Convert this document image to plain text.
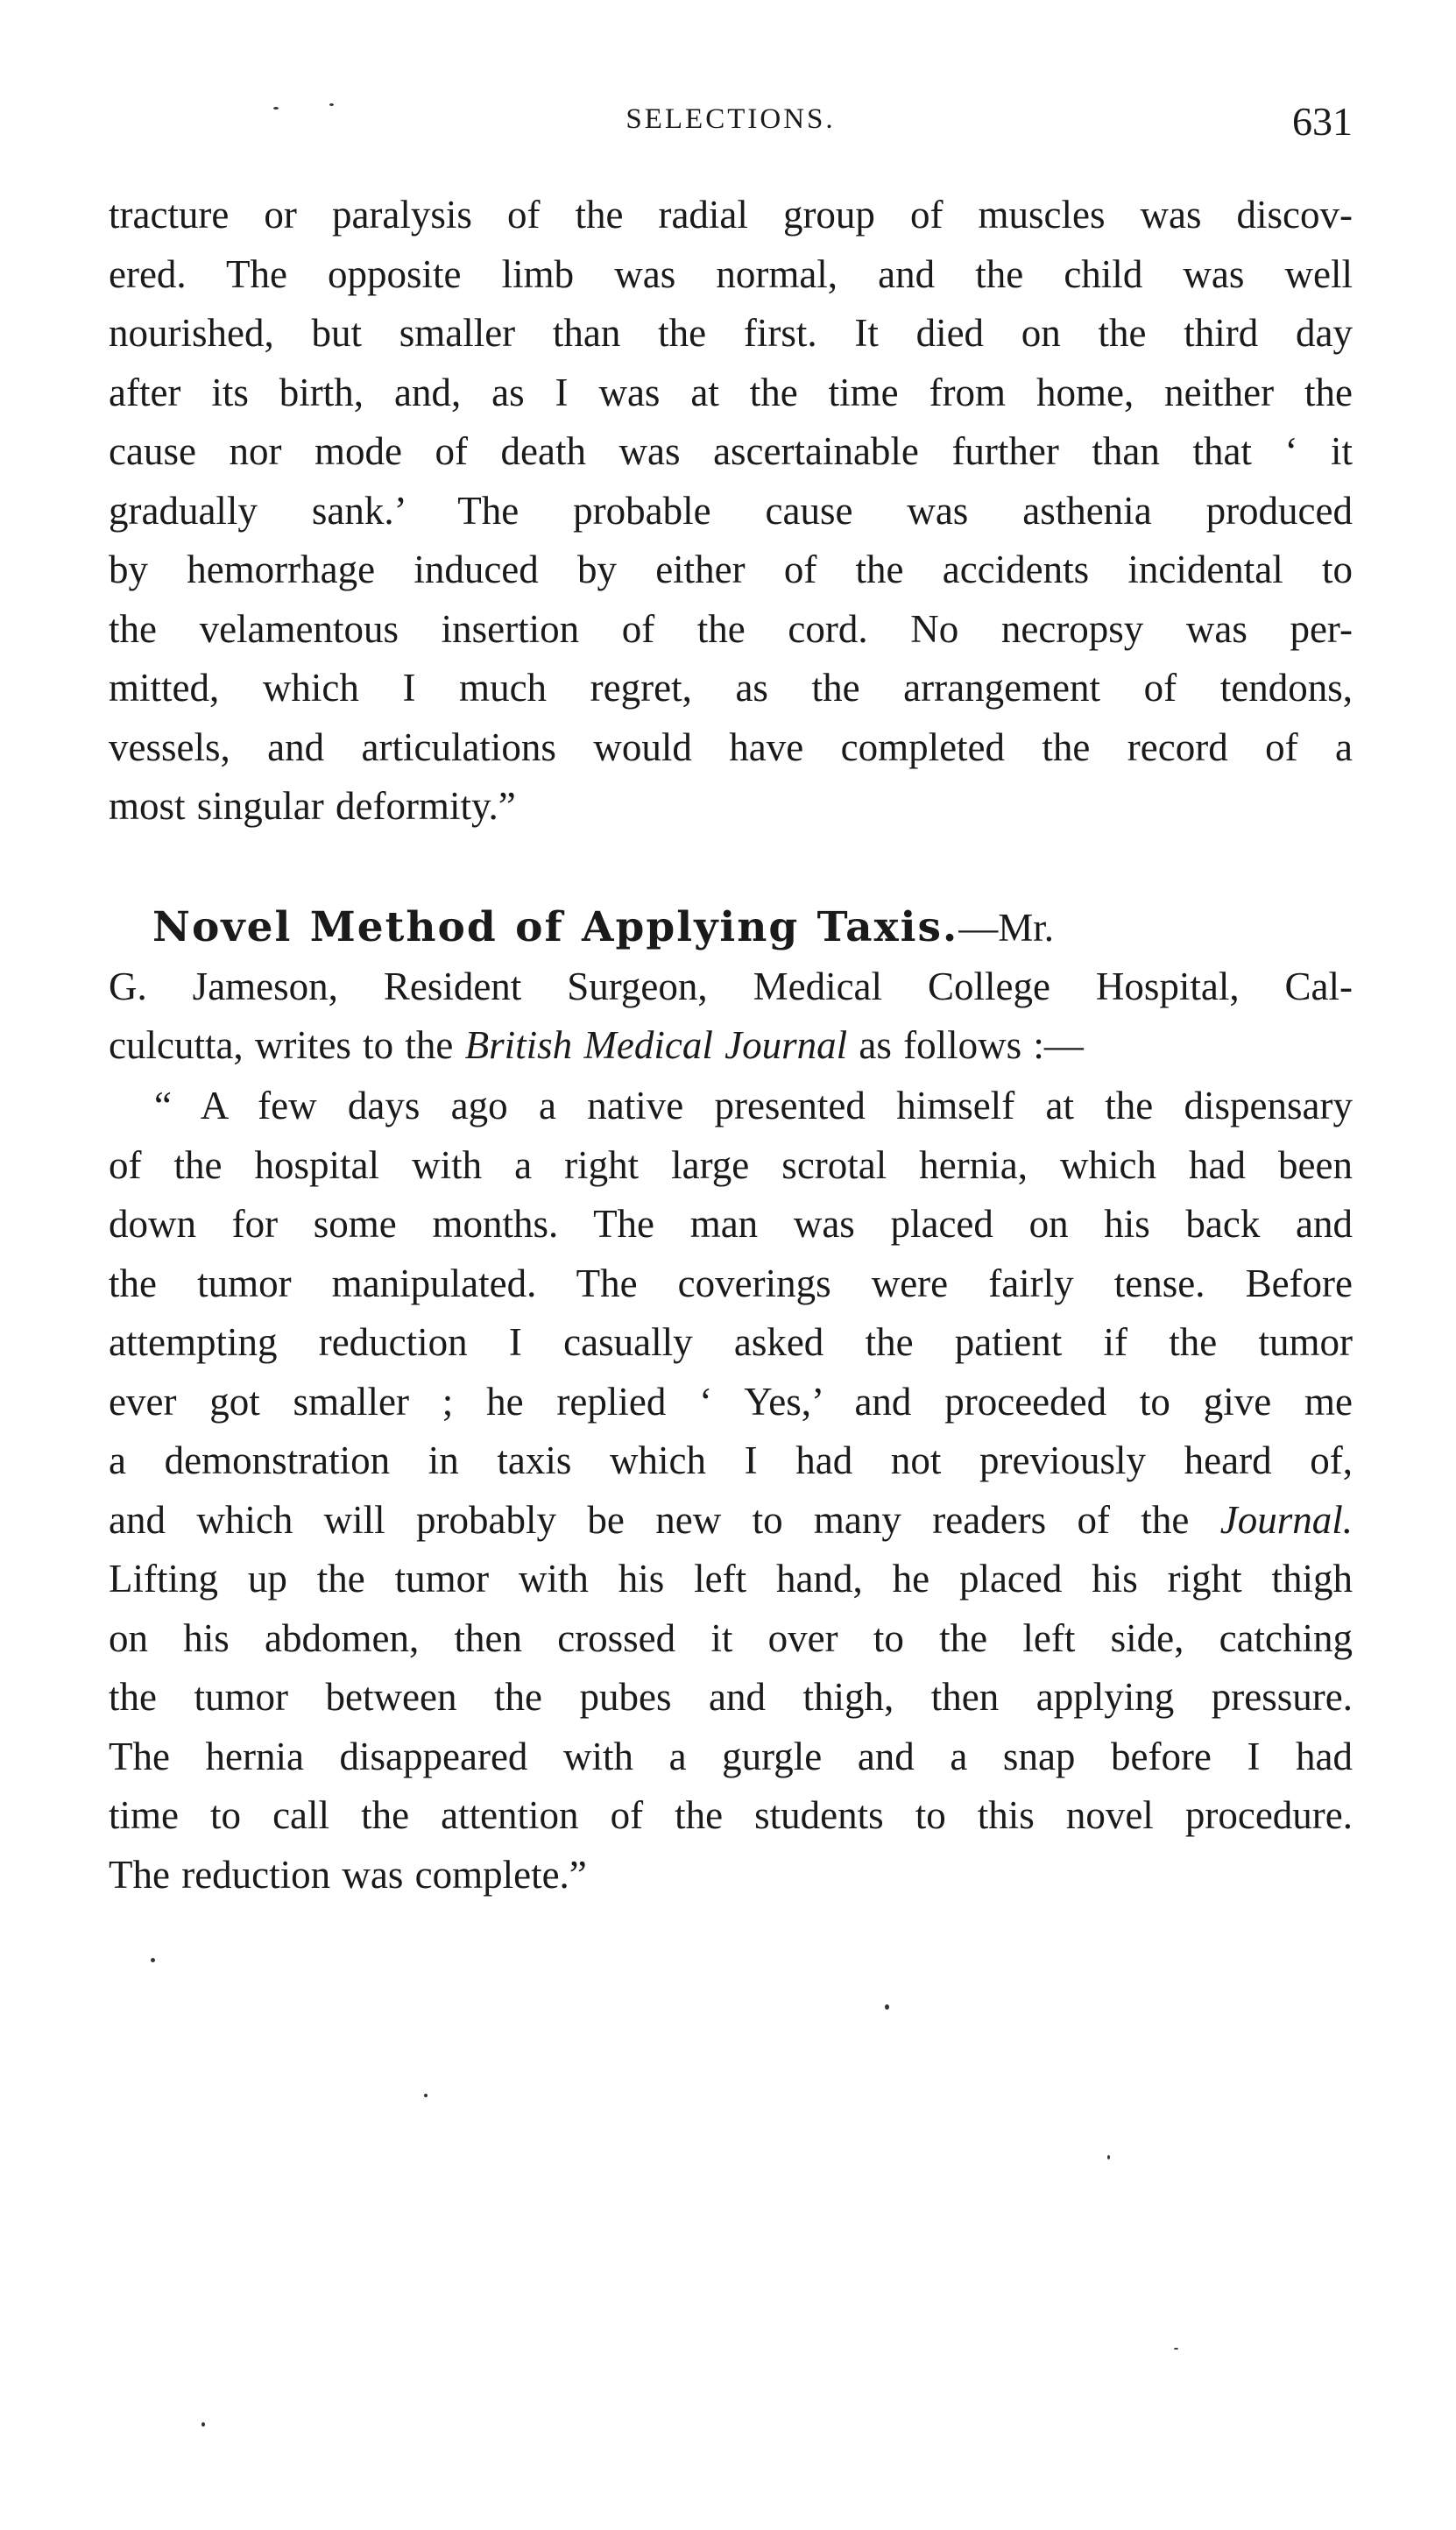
SELECTIONS.	631
tracture or paralysis of the radial group of muscles was discov-
ered. The opposite limb was normal, and the child was well
nourished, but smaller than the first. It died on the third day
after its birth, and, as I was at the time from home, neither the
cause nor mode of death was ascertainable further than that ‘ it
gradually sank.’ The probable cause was asthenia produced
by hemorrhage induced by either of the accidents incidental to
the velamentous insertion of the cord. No necropsy was per-
mitted, which I much regret, as the arrangement of tendons,
vessels, and articulations would have completed the record of a
most singular deformity.”
Novel Method of Applying Taxis.—Mr.
G. Jameson, Resident Surgeon, Medical College Hospital, Cal-
culcutta, writes to the British Medical Journal as follows :—
“ A few days ago a native presented himself at the dispensary
of the hospital with a right large scrotal hernia, which had been
down for some months. The man was placed on his back and
the tumor manipulated. The coverings were fairly tense. Before
attempting reduction I casually asked the patient if the tumor
ever got smaller ; he replied ‘ Yes,’ and proceeded to give me
a demonstration in taxis which I had not previously heard of,
and which will probably be new to many readers of the Journal.
Lifting up the tumor with his left hand, he placed his right thigh
on his abdomen, then crossed it over to the left side, catching
the tumor between the pubes and thigh, then applying pressure.
The hernia disappeared with a gurgle and a snap before I had
time to call the attention of the students to this novel procedure.
The reduction was complete.”
